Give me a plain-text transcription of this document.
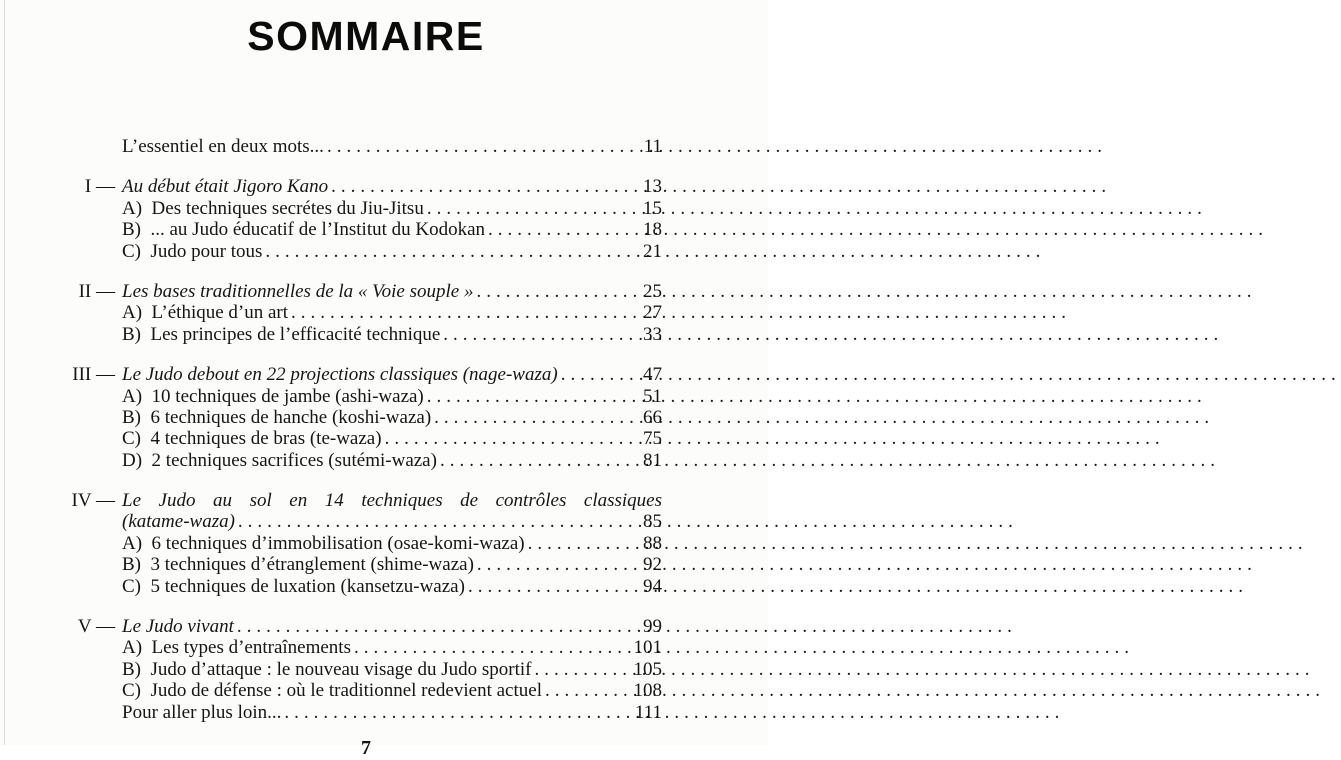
SOMMAIRE
L’essentiel en deux mots... .....	11
I — Au début était Jigoro Kano .....	13
A)  Des techniques secrétes du Jiu-Jitsu .....	15
B)  ... au Judo éducatif de l’Institut du Kodokan .....	18
C)  Judo pour tous .....	21
II — Les bases traditionnelles de la « Voie souple » .....	25
A)  L’éthique d’un art .....	27
B)  Les principes de l’efficacité technique .....	33
III — Le Judo debout en 22 projections classiques (nage-waza) .....	47
A)  10 techniques de jambe (ashi-waza) .....	51
B)  6 techniques de hanche (koshi-waza) .....	66
C)  4 techniques de bras (te-waza) .....	75
D)  2 techniques sacrifices (sutémi-waza) .....	81
IV — Le Judo au sol en 14 techniques de contrôles classiques
(katame-waza) .....	85
A)  6 techniques d’immobilisation (osae-komi-waza) .....	88
B)  3 techniques d’étranglement (shime-waza) .....	92
C)  5 techniques de luxation (kansetzu-waza) .....	94
V — Le Judo vivant .....	99
A)  Les types d’entraînements .....	101
B)  Judo d’attaque : le nouveau visage du Judo sportif .....	105
C)  Judo de défense : où le traditionnel redevient actuel .....	108
Pour aller plus loin... .....	111
7
